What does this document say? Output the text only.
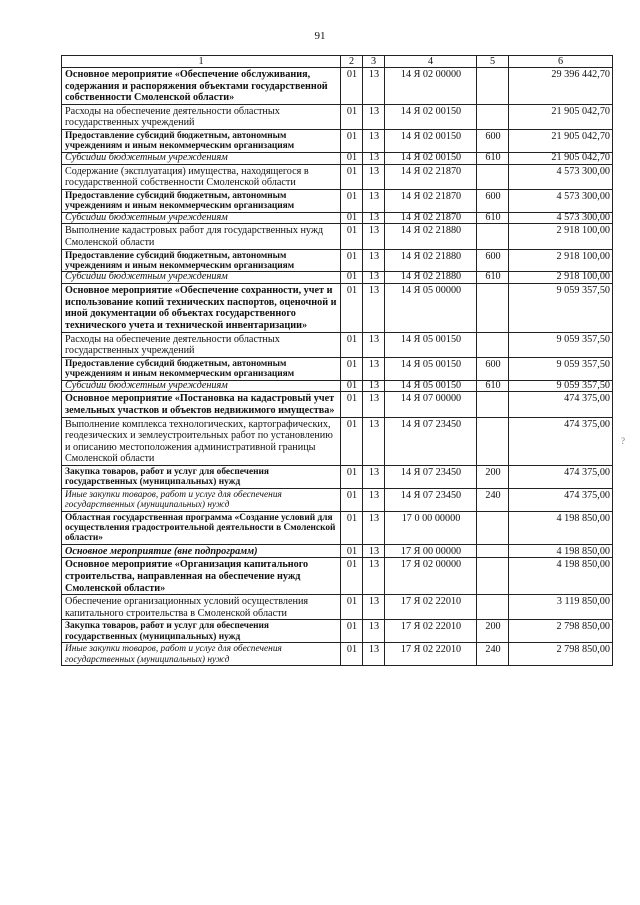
91
1	2	3	4	5	6
Основное мероприятие «Обеспечение обслуживания, содержания и распоряжения объектами государственной собственности Смоленской области»	01	13	14 Я 02 00000		29 396 442,70
Расходы на обеспечение деятельности областных государственных учреждений	01	13	14 Я 02 00150		21 905 042,70
Предоставление субсидий бюджетным, автономным учреждениям и иным некоммерческим организациям	01	13	14 Я 02 00150	600	21 905 042,70
Субсидии бюджетным учреждениям	01	13	14 Я 02 00150	610	21 905 042,70
Содержание (эксплуатация) имущества, находящегося в государственной собственности Смоленской области	01	13	14 Я 02 21870		4 573 300,00
Предоставление субсидий бюджетным, автономным учреждениям и иным некоммерческим организациям	01	13	14 Я 02 21870	600	4 573 300,00
Субсидии бюджетным учреждениям	01	13	14 Я 02 21870	610	4 573 300,00
Выполнение кадастровых работ для государственных нужд Смоленской области	01	13	14 Я 02 21880		2 918 100,00
Предоставление субсидий бюджетным, автономным учреждениям и иным некоммерческим организациям	01	13	14 Я 02 21880	600	2 918 100,00
Субсидии бюджетным учреждениям	01	13	14 Я 02 21880	610	2 918 100,00
Основное мероприятие «Обеспечение сохранности, учет и использование копий технических паспортов, оценочной и иной документации об объектах государственного технического учета и технической инвентаризации»	01	13	14 Я 05 00000		9 059 357,50
Расходы на обеспечение деятельности областных государственных учреждений	01	13	14 Я 05 00150		9 059 357,50
Предоставление субсидий бюджетным, автономным учреждениям и иным некоммерческим организациям	01	13	14 Я 05 00150	600	9 059 357,50
Субсидии бюджетным учреждениям	01	13	14 Я 05 00150	610	9 059 357,50
Основное мероприятие «Постановка на кадастровый учет земельных участков и объектов недвижимого имущества»	01	13	14 Я 07 00000		474 375,00
Выполнение комплекса технологических, картографических, геодезических и землеустроительных работ по установлению и описанию местоположения административной границы Смоленской области	01	13	14 Я 07 23450		474 375,00
Закупка товаров, работ и услуг для обеспечения государственных (муниципальных) нужд	01	13	14 Я 07 23450	200	474 375,00
Иные закупки товаров, работ и услуг для обеспечения государственных (муниципальных) нужд	01	13	14 Я 07 23450	240	474 375,00
Областная государственная программа «Создание условий для осуществления градостроительной деятельности в Смоленской области»	01	13	17 0 00 00000		4 198 850,00
Основное мероприятие (вне подпрограмм)	01	13	17 Я 00 00000		4 198 850,00
Основное мероприятие «Организация капитального строительства, направленная на обеспечение нужд Смоленской области»	01	13	17 Я 02 00000		4 198 850,00
Обеспечение организационных условий осуществления капитального строительства в Смоленской области	01	13	17 Я 02 22010		3 119 850,00
Закупка товаров, работ и услуг для обеспечения государственных (муниципальных) нужд	01	13	17 Я 02 22010	200	2 798 850,00
Иные закупки товаров, работ и услуг для обеспечения государственных (муниципальных) нужд	01	13	17 Я 02 22010	240	2 798 850,00
?
